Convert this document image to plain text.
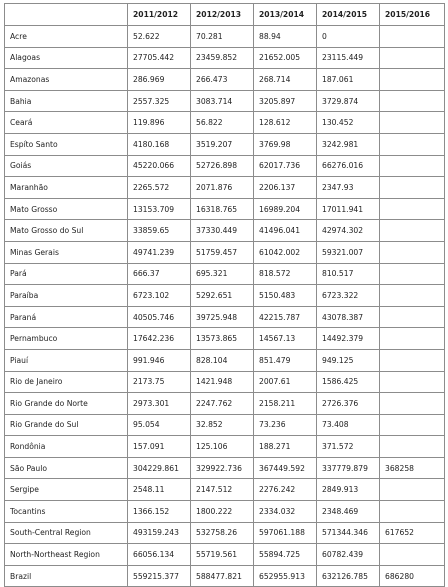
	2011/2012	2012/2013	2013/2014	2014/2015	2015/2016
Acre	52.622	70.281	88.94	0	
Alagoas	27705.442	23459.852	21652.005	23115.449	
Amazonas	286.969	266.473	268.714	187.061	
Bahia	2557.325	3083.714	3205.897	3729.874	
Ceará	119.896	56.822	128.612	130.452	
Espíto Santo	4180.168	3519.207	3769.98	3242.981	
Goiás	45220.066	52726.898	62017.736	66276.016	
Maranhão	2265.572	2071.876	2206.137	2347.93	
Mato Grosso	13153.709	16318.765	16989.204	17011.941	
Mato Grosso do Sul	33859.65	37330.449	41496.041	42974.302	
Minas Gerais	49741.239	51759.457	61042.002	59321.007	
Pará	666.37	695.321	818.572	810.517	
Paraíba	6723.102	5292.651	5150.483	6723.322	
Paraná	40505.746	39725.948	42215.787	43078.387	
Pernambuco	17642.236	13573.865	14567.13	14492.379	
Piauí	991.946	828.104	851.479	949.125	
Rio de Janeiro	2173.75	1421.948	2007.61	1586.425	
Rio Grande do Norte	2973.301	2247.762	2158.211	2726.376	
Rio Grande do Sul	95.054	32.852	73.236	73.408	
Rondônia	157.091	125.106	188.271	371.572	
São Paulo	304229.861	329922.736	367449.592	337779.879	368258
Sergipe	2548.11	2147.512	2276.242	2849.913	
Tocantins	1366.152	1800.222	2334.032	2348.469	
South-Central Region	493159.243	532758.26	597061.188	571344.346	617652
North-Northeast Region	66056.134	55719.561	55894.725	60782.439	
Brazil	559215.377	588477.821	652955.913	632126.785	686280
